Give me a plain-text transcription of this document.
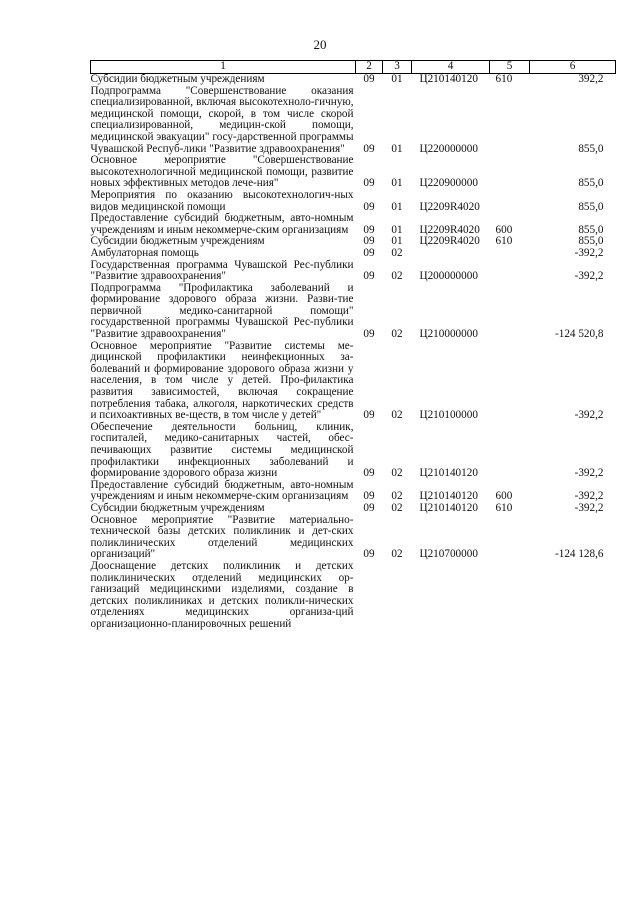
20
1	2	3	4	5	6
Субсидии бюджетным учреждениям	09	01	Ц210140120	610	392,2
Подпрограмма "Совершенствование оказания специализированной, включая высокотехноло-гичную, медицинской помощи, скорой, в том числе скорой специализированной, медицин-ской помощи, медицинской эвакуации" госу-дарственной программы Чувашской Респуб-лики "Развитие здравоохранения"	09	01	Ц220000000		855,0
Основное мероприятие "Совершенствование высокотехнологичной медицинской помощи, развитие новых эффективных методов лече-ния"	09	01	Ц220900000		855,0
Мероприятия по оказанию высокотехнологич-ных видов медицинской помощи	09	01	Ц2209R4020		855,0
Предоставление субсидий бюджетным, авто-номным учреждениям и иным некоммерче-ским организациям	09	01	Ц2209R4020	600	855,0
Субсидии бюджетным учреждениям	09	01	Ц2209R4020	610	855,0
Амбулаторная помощь	09	02			-392,2
Государственная программа Чувашской Рес-публики "Развитие здравоохранения"	09	02	Ц200000000		-392,2
Подпрограмма "Профилактика заболеваний и формирование здорового образа жизни. Разви-тие первичной медико-санитарной помощи" государственной программы Чувашской Рес-публики "Развитие здравоохранения"	09	02	Ц210000000		-124 520,8
Основное мероприятие "Развитие системы ме-дицинской профилактики неинфекционных за-болеваний и формирование здорового образа жизни у населения, в том числе у детей. Про-филактика развития зависимостей, включая сокращение потребления табака, алкоголя, наркотических средств и психоактивных ве-ществ, в том числе у детей"	09	02	Ц210100000		-392,2
Обеспечение деятельности больниц, клиник, госпиталей, медико-санитарных частей, обес-печивающих развитие системы медицинской профилактики инфекционных заболеваний и формирование здорового образа жизни	09	02	Ц210140120		-392,2
Предоставление субсидий бюджетным, авто-номным учреждениям и иным некоммерче-ским организациям	09	02	Ц210140120	600	-392,2
Субсидии бюджетным учреждениям	09	02	Ц210140120	610	-392,2
Основное мероприятие "Развитие материально-технической базы детских поликлиник и дет-ских поликлинических отделений медицинских организаций"	09	02	Ц210700000		-124 128,6
Дооснащение детских поликлиник и детских поликлинических отделений медицинских ор-ганизаций медицинскими изделиями, создание в детских поликлиниках и детских поликли-нических отделениях медицинских организа-ций организационно-планировочных решений					
